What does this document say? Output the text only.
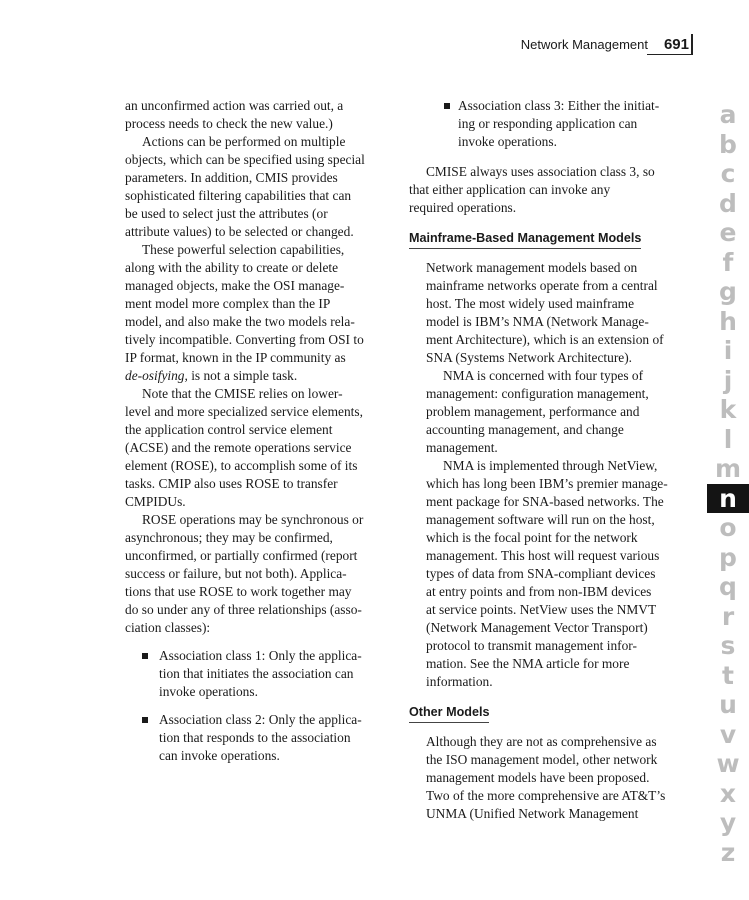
Network Management 691
an unconfirmed action was carried out, a
process needs to check the new value.)
Actions can be performed on multiple
objects, which can be specified using special
parameters. In addition, CMIS provides
sophisticated filtering capabilities that can
be used to select just the attributes (or
attribute values) to be selected or changed.
These powerful selection capabilities,
along with the ability to create or delete
managed objects, make the OSI manage-
ment model more complex than the IP
model, and also make the two models rela-
tively incompatible. Converting from OSI to
IP format, known in the IP community as
de-osifying, is not a simple task.
Note that the CMISE relies on lower-
level and more specialized service elements,
the application control service element
(ACSE) and the remote operations service
element (ROSE), to accomplish some of its
tasks. CMIP also uses ROSE to transfer
CMPIDUs.
ROSE operations may be synchronous or
asynchronous; they may be confirmed,
unconfirmed, or partially confirmed (report
success or failure, but not both). Applica-
tions that use ROSE to work together may
do so under any of three relationships (asso-
ciation classes):
Association class 1: Only the applica-
tion that initiates the association can
invoke operations.
Association class 2: Only the applica-
tion that responds to the association
can invoke operations.
Association class 3: Either the initiat-
ing or responding application can
invoke operations.
CMISE always uses association class 3, so
that either application can invoke any
required operations.
Mainframe-Based Management Models
Network management models based on
mainframe networks operate from a central
host. The most widely used mainframe
model is IBM’s NMA (Network Manage-
ment Architecture), which is an extension of
SNA (Systems Network Architecture).
NMA is concerned with four types of
management: configuration management,
problem management, performance and
accounting management, and change
management.
NMA is implemented through NetView,
which has long been IBM’s premier manage-
ment package for SNA-based networks. The
management software will run on the host,
which is the focal point for the network
management. This host will request various
types of data from SNA-compliant devices
at entry points and from non-IBM devices
at service points. NetView uses the NMVT
(Network Management Vector Transport)
protocol to transmit management infor-
mation. See the NMA article for more
information.
Other Models
Although they are not as comprehensive as
the ISO management model, other network
management models have been proposed.
Two of the more comprehensive are AT&T’s
UNMA (Unified Network Management
a
b
c
d
e
f
g
h
i
j
k
l
m
n
o
p
q
r
s
t
u
v
w
x
y
z
